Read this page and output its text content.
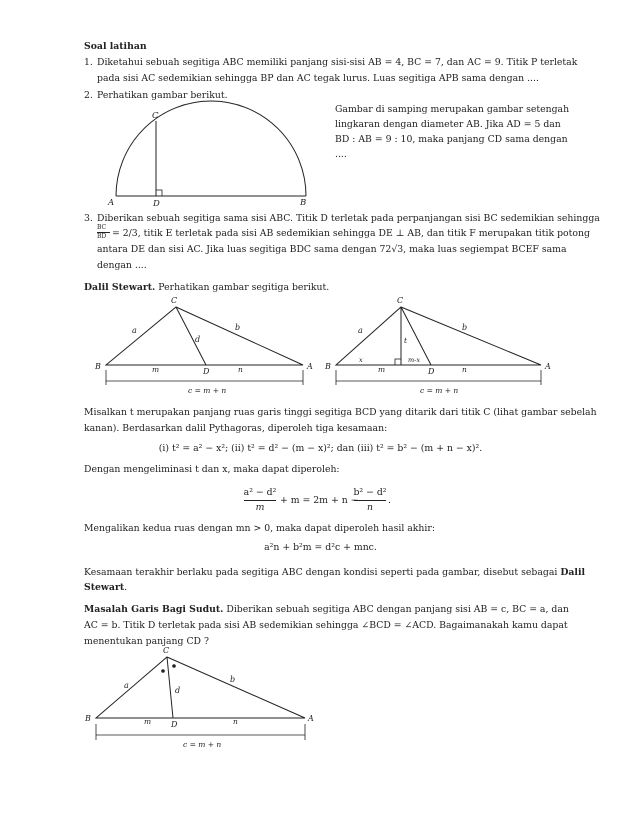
Soal latihan
1. Diketahui sebuah segitiga ABC memiliki panjang sisi-sisi AB = 4, BC = 7, dan AC = 9. Titik P terletak
pada sisi AC sedemikian sehingga BP dan AC tegak lurus. Luas segitiga APB sama dengan ....
2. Perhatikan gambar berikut.
Gambar di samping merupakan gambar setengah
lingkaran dengan diameter AB. Jika AD = 5 dan
BD : AB = 9 : 10, maka panjang CD sama dengan
....
C
A	D	B
3. Diberikan sebuah segitiga sama sisi ABC. Titik D terletak pada perpanjangan sisi BC sedemikian sehingga
BC
BD = 2/3, titik E terletak pada sisi AB sedemikian sehingga DE ⊥ AB, dan titik F merupakan titik potong
antara DE dan sisi AC. Jika luas segitiga BDC sama dengan 72√3, maka luas segiempat BCEF sama
dengan ....
Dalil Stewart. Perhatikan gambar segitiga berikut.
C
a	b
d
B
D
A
m	n
c = m + n
C
a	b
t
x	m-x
B
D
A
m	n
c = m + n
Misalkan t merupakan panjang ruas garis tinggi segitiga BCD yang ditarik dari titik C (lihat gambar sebelah
kanan). Berdasarkan dalil Pythagoras, diperoleh tiga kesamaan:
(i) t² = a² − x²; (ii) t² = d² − (m − x)²; dan (iii) t² = b² − (m + n − x)².
Dengan mengeliminasi t dan x, maka dapat diperoleh:
a² − d²
m
+ m = 2m + n −
b² − d²
n
.
Mengalikan kedua ruas dengan mn > 0, maka dapat diperoleh hasil akhir:
a²n + b²m = d²c + mnc.
Kesamaan terakhir berlaku pada segitiga ABC dengan kondisi seperti pada gambar, disebut sebagai Dalil
Stewart.
Masalah Garis Bagi Sudut. Diberikan sebuah segitiga ABC dengan panjang sisi AB = c, BC = a, dan
AC = b. Titik D terletak pada sisi AB sedemikian sehingga ∠BCD = ∠ACD. Bagaimanakah kamu dapat
menentukan panjang CD ?
C
a
b
d
B
D
A
m	n
c = m + n
